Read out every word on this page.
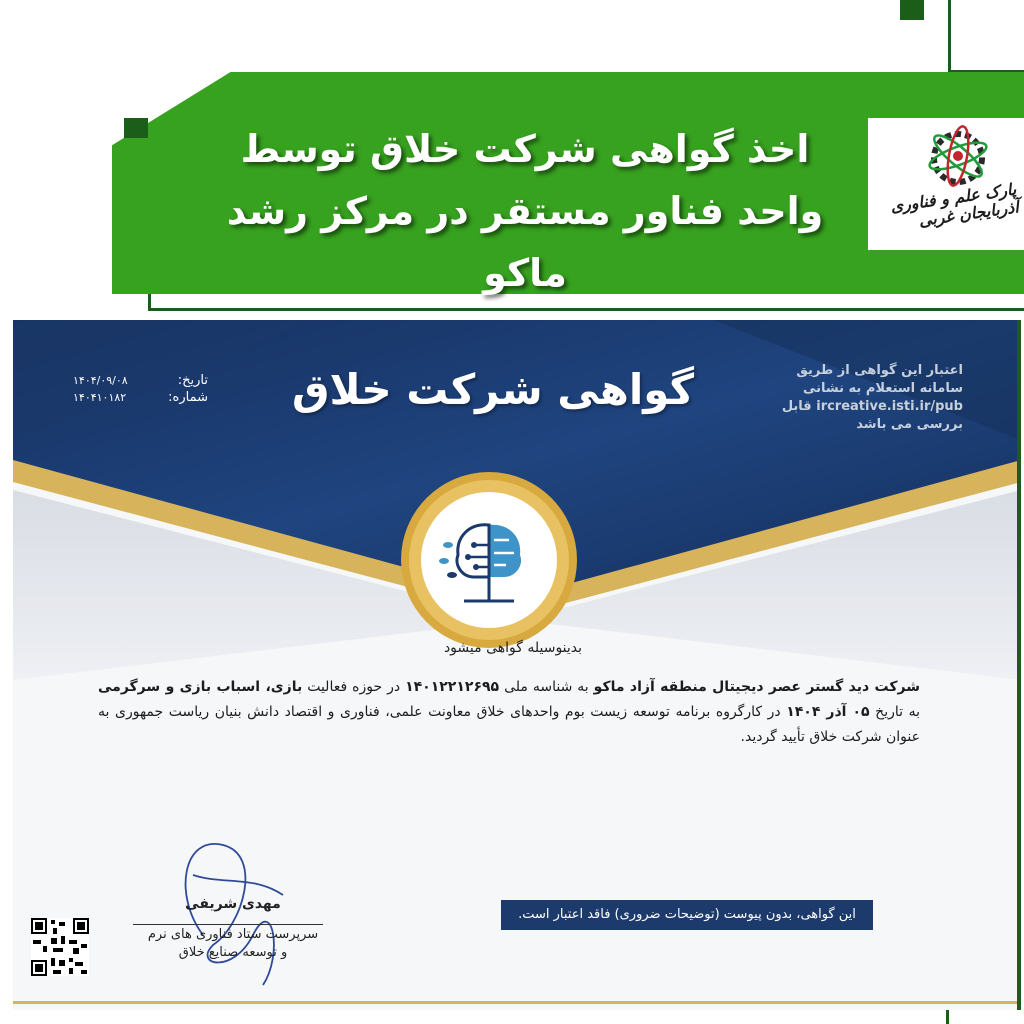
اخذ گواهی شرکت خلاق توسط
واحد فناور مستقر در مرکز رشد ماکو
پارک علم و فناوری آذربایجان غربی
گواهی شرکت خلاق	اعتبار این گواهی از طریق
سامانه استعلام به نشانی
ircreative.isti.ir/pub قابل
بررسی می باشد
تاریخ:
شماره:
۱۴۰۴/۰۹/۰۸
۱۴۰۴۱۰۱۸۲
بدینوسیله گواهی میشود
شرکت دید گستر عصر دیجیتال منطقه آزاد ماکو به شناسه ملی ۱۴۰۱۲۲۱۲۶۹۵ در حوزه فعالیت بازی، اسباب بازی و سرگرمی به تاریخ ۰۵ آذر ۱۴۰۴ در کارگروه برنامه توسعه زیست بوم واحدهای خلاق معاونت علمی، فناوری و اقتصاد دانش بنیان ریاست جمهوری به عنوان شرکت خلاق تأیید گردید.
مهدی شریفی
سرپرست ستاد فناوری های نرم
و توسعه صنایع خلاق
این گواهی، بدون پیوست (توضیحات ضروری) فاقد اعتبار است.
